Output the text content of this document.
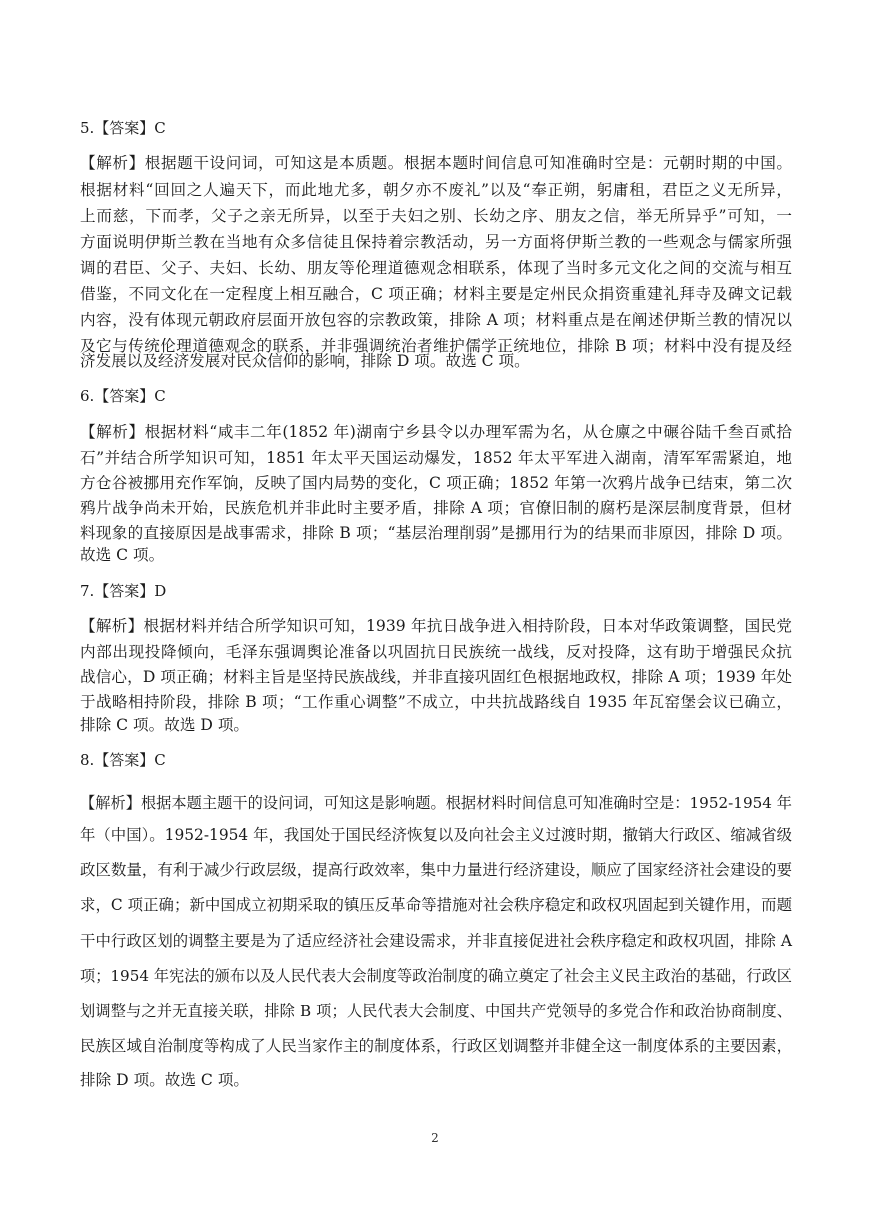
5.【答案】C
【解析】根据题干设问词，可知这是本质题。根据本题时间信息可知准确时空是：元朝时期的中国。
根据材料“回回之人遍天下，而此地尤多，朝夕亦不废礼”以及“奉正朔，躬庸租，君臣之义无所异，
上而慈，下而孝，父子之亲无所异，以至于夫妇之别、长幼之序、朋友之信，举无所异乎”可知，一
方面说明伊斯兰教在当地有众多信徒且保持着宗教活动，另一方面将伊斯兰教的一些观念与儒家所强
调的君臣、父子、夫妇、长幼、朋友等伦理道德观念相联系，体现了当时多元文化之间的交流与相互
借鉴，不同文化在一定程度上相互融合，C 项正确；材料主要是定州民众捐资重建礼拜寺及碑文记载
内容，没有体现元朝政府层面开放包容的宗教政策，排除 A 项；材料重点是在阐述伊斯兰教的情况以
及它与传统伦理道德观念的联系，并非强调统治者维护儒学正统地位，排除 B 项；材料中没有提及经
济发展以及经济发展对民众信仰的影响，排除 D 项。故选 C 项。
6.【答案】C
【解析】根据材料“咸丰二年(1852 年)湖南宁乡县令以办理军需为名，从仓廪之中碾谷陆千叁百贰拾
石”并结合所学知识可知，1851 年太平天国运动爆发，1852 年太平军进入湖南，清军军需紧迫，地
方仓谷被挪用充作军饷，反映了国内局势的变化，C 项正确；1852 年第一次鸦片战争已结束，第二次
鸦片战争尚未开始，民族危机并非此时主要矛盾，排除 A 项；官僚旧制的腐朽是深层制度背景，但材
料现象的直接原因是战事需求，排除 B 项；“基层治理削弱”是挪用行为的结果而非原因，排除 D 项。
故选 C 项。
7.【答案】D
【解析】根据材料并结合所学知识可知，1939 年抗日战争进入相持阶段，日本对华政策调整，国民党
内部出现投降倾向，毛泽东强调舆论准备以巩固抗日民族统一战线，反对投降，这有助于增强民众抗
战信心，D 项正确；材料主旨是坚持民族战线，并非直接巩固红色根据地政权，排除 A 项；1939 年处
于战略相持阶段，排除 B 项；“工作重心调整”不成立，中共抗战路线自 1935 年瓦窑堡会议已确立，
排除 C 项。故选 D 项。
8.【答案】C
【解析】根据本题主题干的设问词，可知这是影响题。根据材料时间信息可知准确时空是：1952-1954 年
年（中国）。1952-1954 年，我国处于国民经济恢复以及向社会主义过渡时期，撤销大行政区、缩减省级
政区数量，有利于减少行政层级，提高行政效率，集中力量进行经济建设，顺应了国家经济社会建设的要
求，C 项正确；新中国成立初期采取的镇压反革命等措施对社会秩序稳定和政权巩固起到关键作用，而题
干中行政区划的调整主要是为了适应经济社会建设需求，并非直接促进社会秩序稳定和政权巩固，排除 A
项；1954 年宪法的颁布以及人民代表大会制度等政治制度的确立奠定了社会主义民主政治的基础，行政区
划调整与之并无直接关联，排除 B 项；人民代表大会制度、中国共产党领导的多党合作和政治协商制度、
民族区域自治制度等构成了人民当家作主的制度体系，行政区划调整并非健全这一制度体系的主要因素，
排除 D 项。故选 C 项。
2
